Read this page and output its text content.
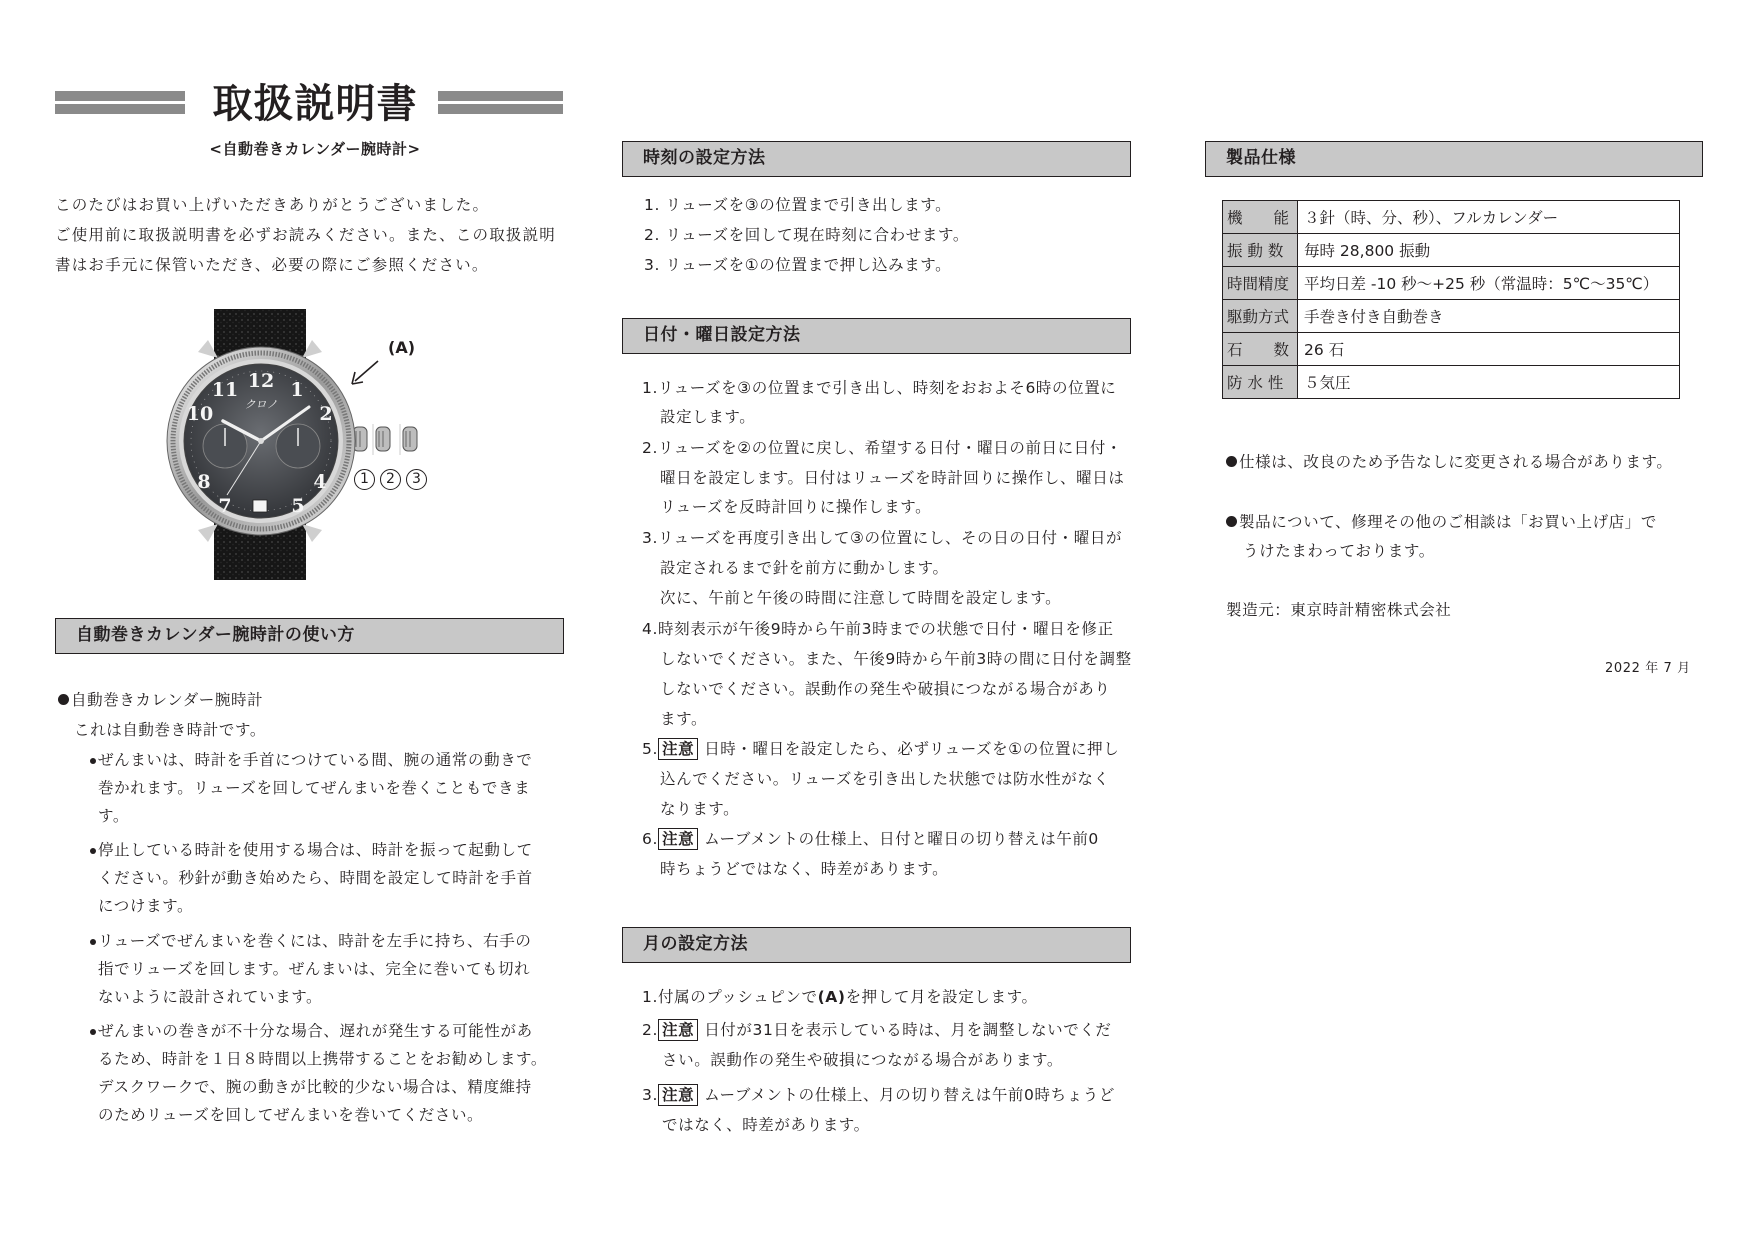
取扱説明書
<自動巻きカレンダー腕時計>
このたびはお買い上げいただきありがとうございました。
ご使用前に取扱説明書を必ずお読みください。また、この取扱説明
書はお手元に保管いただき、必要の際にご参照ください。
12 1
2
4
5
7
8
10
11
クロノ
(A)
1 2 3
自動巻きカレンダー腕時計の使い方
自動巻きカレンダー腕時計
これは自動巻き時計です。
ぜんまいは、時計を手首につけている間、腕の通常の動きで
巻かれます。リューズを回してぜんまいを巻くこともできま
す。
停止している時計を使用する場合は、時計を振って起動して
ください。秒針が動き始めたら、時間を設定して時計を手首
につけます。
リューズでぜんまいを巻くには、時計を左手に持ち、右手の
指でリューズを回します。ぜんまいは、完全に巻いても切れ
ないように設計されています。
ぜんまいの巻きが不十分な場合、遅れが発生する可能性があ
るため、時計を１日８時間以上携帯することをお勧めします。
デスクワークで、腕の動きが比較的少ない場合は、精度維持
のためリューズを回してぜんまいを巻いてください。
時刻の設定方法
1. リューズを③の位置まで引き出します。
2. リューズを回して現在時刻に合わせます。
3. リューズを①の位置まで押し込みます。
日付・曜日設定方法
1.リューズを③の位置まで引き出し、時刻をおおよそ6時の位置に
設定します。
2.リューズを②の位置に戻し、希望する日付・曜日の前日に日付・
曜日を設定します。日付はリューズを時計回りに操作し、曜日は
リューズを反時計回りに操作します。
3.リューズを再度引き出して③の位置にし、その日の日付・曜日が
設定されるまで針を前方に動かします。
次に、午前と午後の時間に注意して時間を設定します。
4.時刻表示が午後9時から午前3時までの状態で日付・曜日を修正
しないでください。また、午後9時から午前3時の間に日付を調整
しないでください。誤動作の発生や破損につながる場合があり
ます。
5. 注意 日時・曜日を設定したら、必ずリューズを①の位置に押し
込んでください。リューズを引き出した状態では防水性がなく
なります。
6. 注意 ムーブメントの仕様上、日付と曜日の切り替えは午前0
時ちょうどではなく、時差があります。
月の設定方法
1.付属のプッシュピンで(A)を押して月を設定します。
2. 注意 日付が31日を表示している時は、月を調整しないでくだ
さい。誤動作の発生や破損につながる場合があります。
3. 注意 ムーブメントの仕様上、月の切り替えは午前0時ちょうど
ではなく、時差があります。
製品仕様
機　　能	３針（時、分、秒）、フルカレンダー
振 動 数	毎時 28,800 振動
時間精度	平均日差 -10 秒～+25 秒（常温時：5℃～35℃）
駆動方式	手巻き付き自動巻き
石　　数	26 石
防 水 性	５気圧
仕様は、改良のため予告なしに変更される場合があります。
製品について、修理その他のご相談は「お買い上げ店」で
うけたまわっております。
製造元：東京時計精密株式会社
2022 年 7 月
